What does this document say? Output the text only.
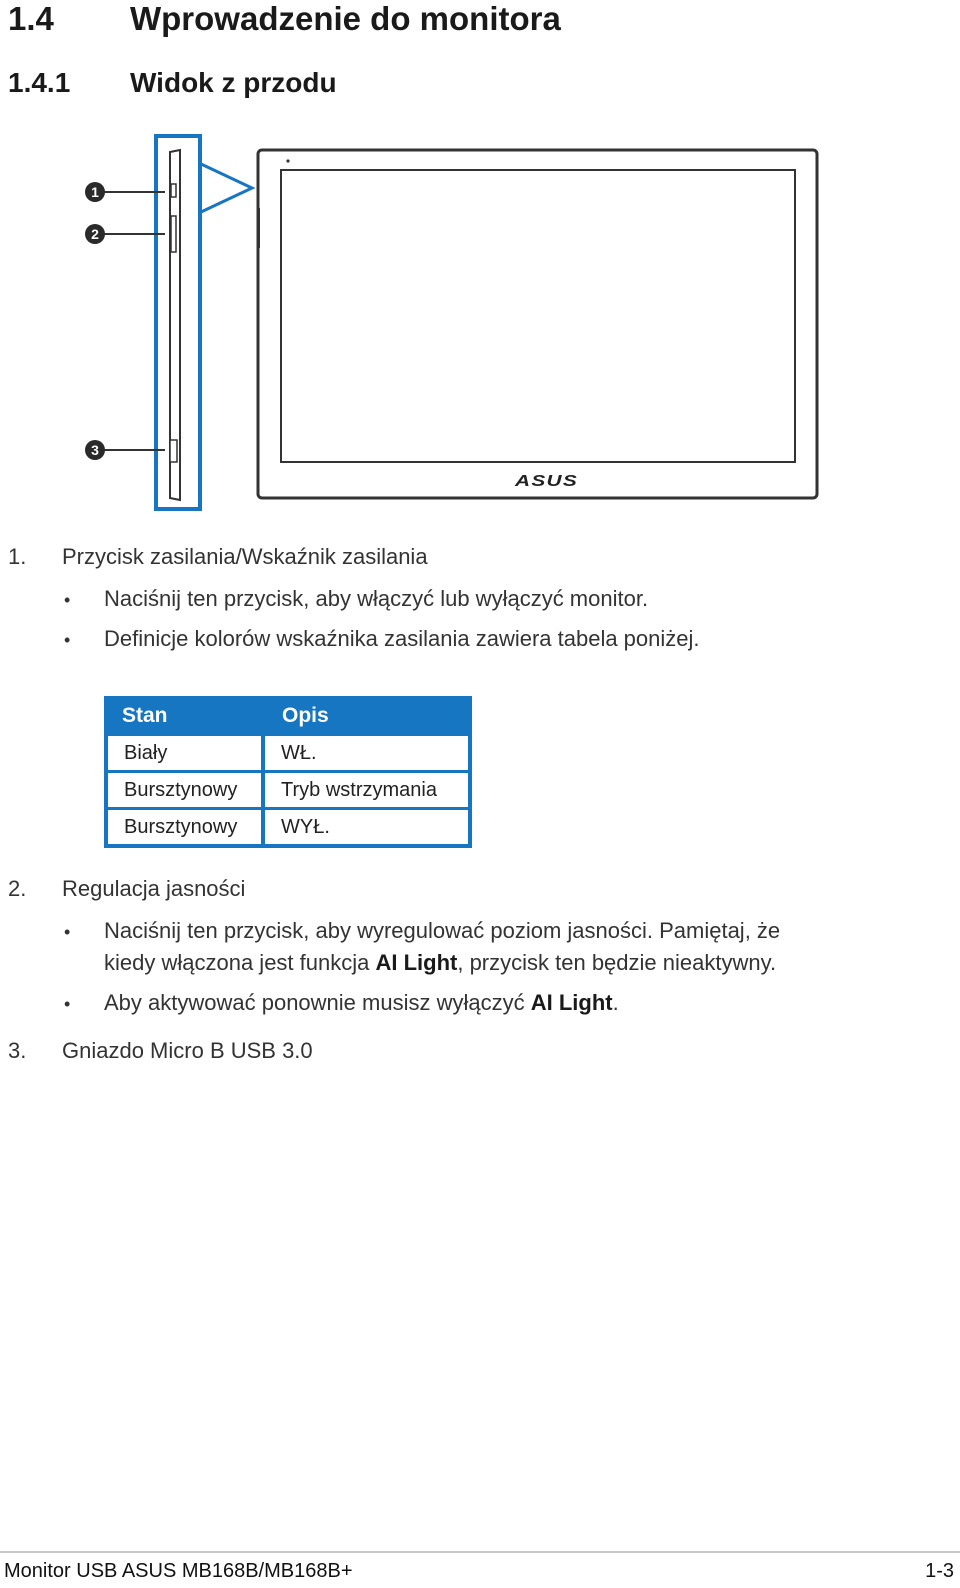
1.4 Wprowadzenie do monitora
1.4.1 Widok z przodu
1
2
3
ASUS
1. Przycisk zasilania/Wskaźnik zasilania
• Naciśnij ten przycisk, aby włączyć lub wyłączyć monitor.
• Definicje kolorów wskaźnika zasilania zawiera tabela poniżej.
Stan	Opis
Biały	WŁ.
Bursztynowy	Tryb wstrzymania
Bursztynowy	WYŁ.
2. Regulacja jasności
• Naciśnij ten przycisk, aby wyregulować poziom jasności. Pamiętaj, że
kiedy włączona jest funkcja AI Light, przycisk ten będzie nieaktywny.
• Aby aktywować ponownie musisz wyłączyć AI Light.
3. Gniazdo Micro B USB 3.0
Monitor USB ASUS MB168B/MB168B+	1-3
